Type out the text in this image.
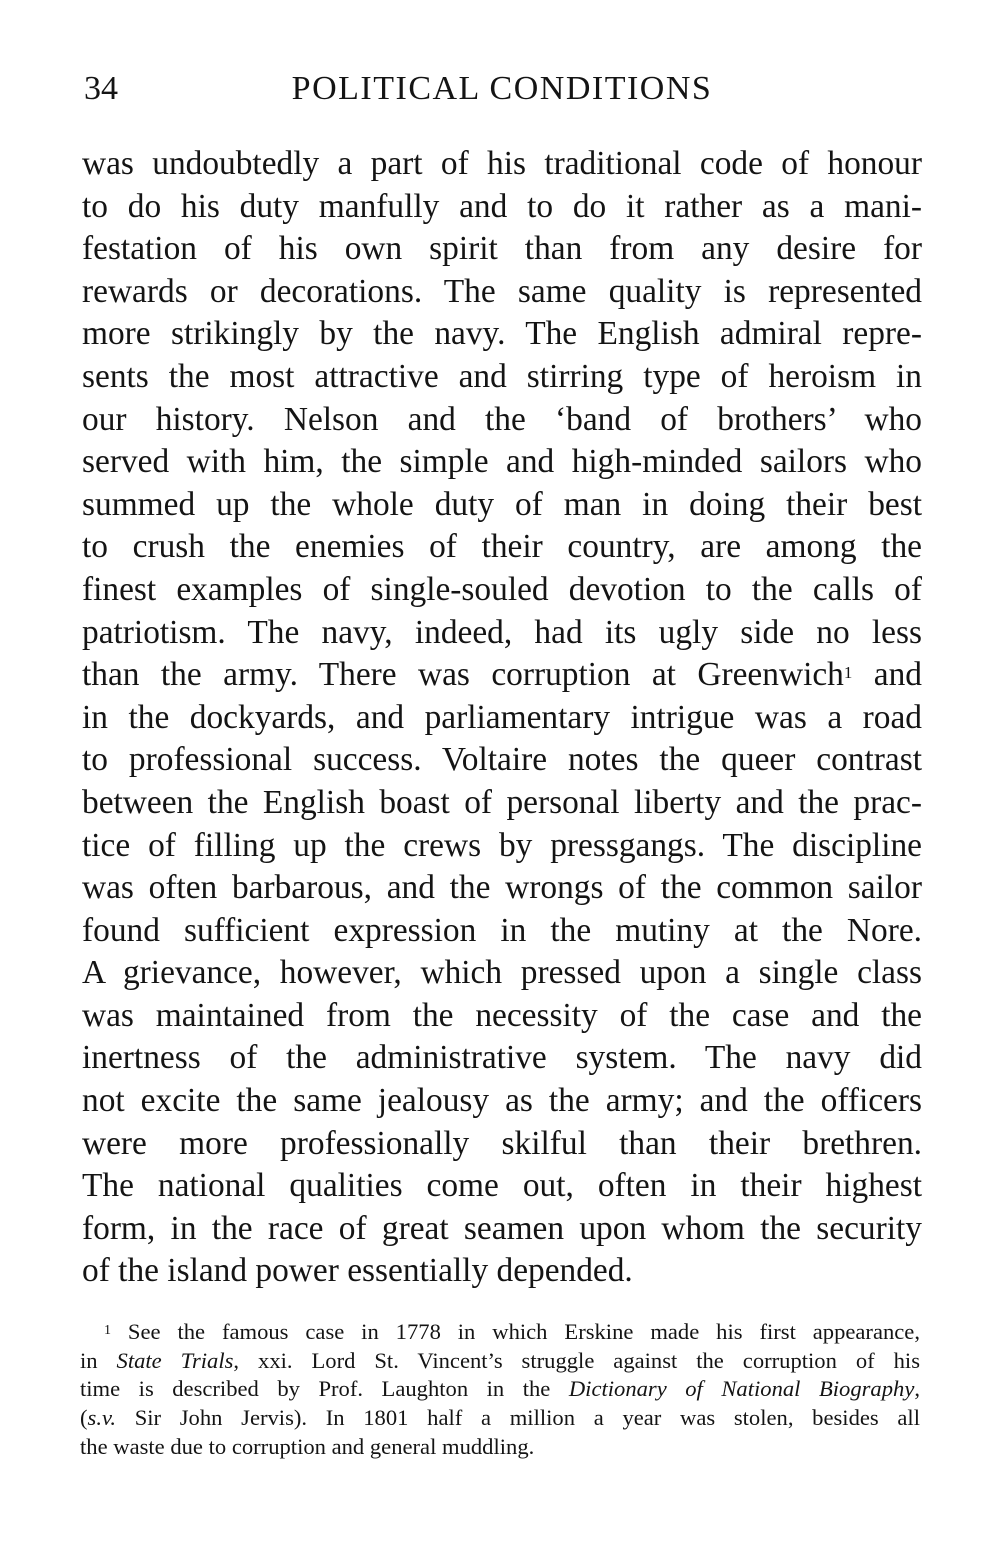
34	POLITICAL CONDITIONS
was undoubtedly a part of his traditional code of honour
to do his duty manfully and to do it rather as a mani-
festation of his own spirit than from any desire for
rewards or decorations. The same quality is represented
more strikingly by the navy. The English admiral repre-
sents the most attractive and stirring type of heroism in
our history. Nelson and the ‘band of brothers’ who
served with him, the simple and high-minded sailors who
summed up the whole duty of man in doing their best
to crush the enemies of their country, are among the
finest examples of single-souled devotion to the calls of
patriotism. The navy, indeed, had its ugly side no less
than the army. There was corruption at Greenwich$^1$ and
in the dockyards, and parliamentary intrigue was a road
to professional success. Voltaire notes the queer contrast
between the English boast of personal liberty and the prac-
tice of filling up the crews by pressgangs. The discipline
was often barbarous, and the wrongs of the common sailor
found sufficient expression in the mutiny at the Nore.
A grievance, however, which pressed upon a single class
was maintained from the necessity of the case and the
inertness of the administrative system. The navy did
not excite the same jealousy as the army; and the officers
were more professionally skilful than their brethren.
The national qualities come out, often in their highest
form, in the race of great seamen upon whom the security
of the island power essentially depended.
$^1$ See the famous case in 1778 in which Erskine made his first appearance,
in State Trials, xxi. Lord St. Vincent’s struggle against the corruption of his
time is described by Prof. Laughton in the Dictionary of National Biography,
(s.v. Sir John Jervis). In 1801 half a million a year was stolen, besides all
the waste due to corruption and general muddling.
